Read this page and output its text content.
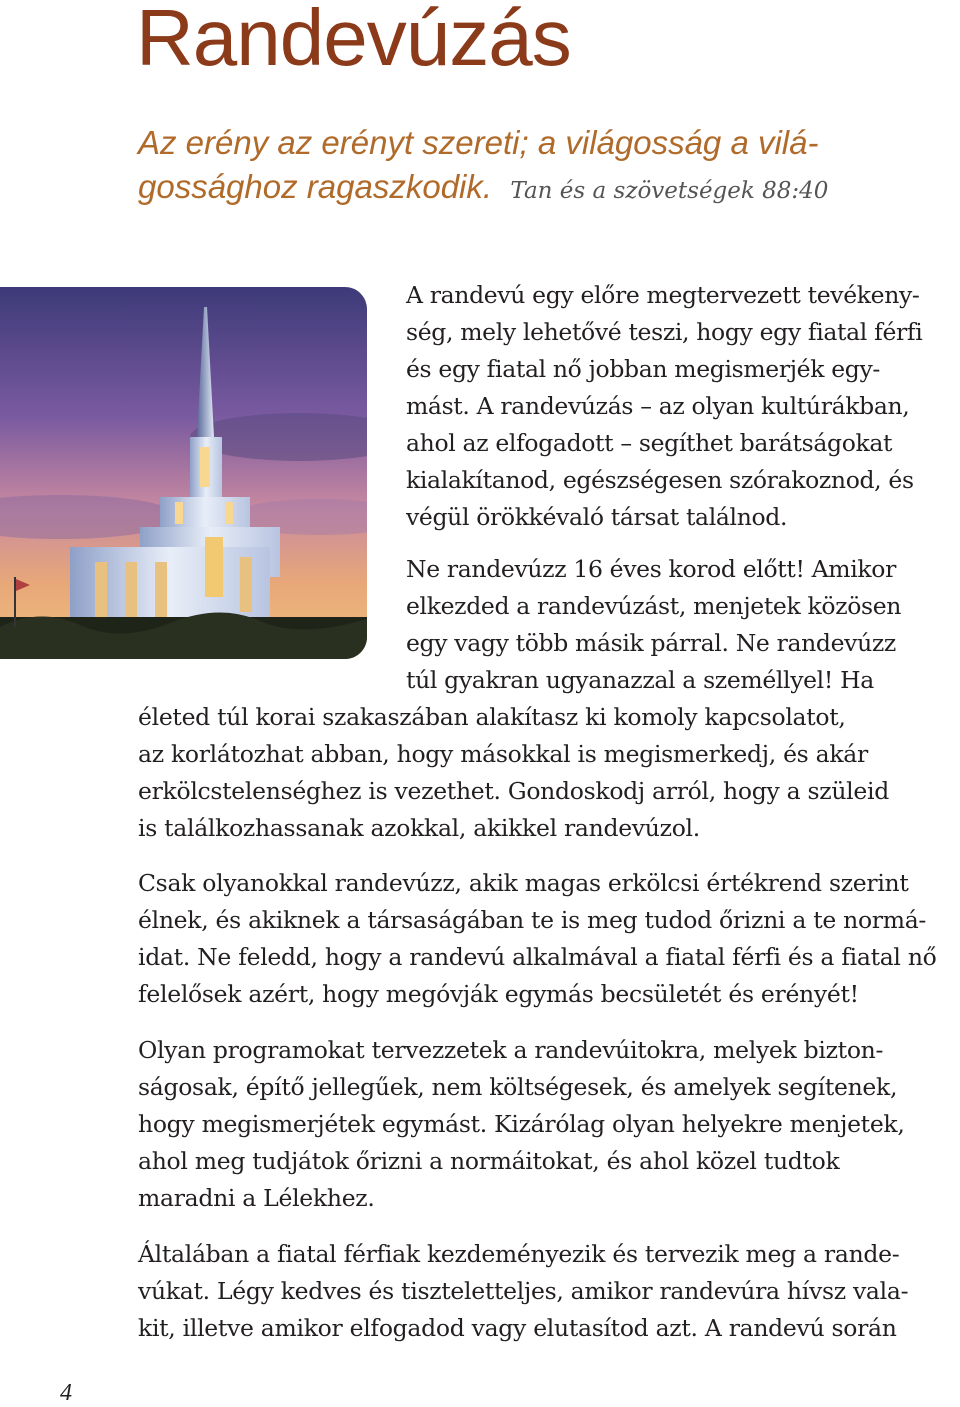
Randevúzás

Az erény az erényt szereti; a világosság a vilá-
gossághoz ragaszkodik. Tan és a szövetségek 88:40

A randevú egy előre megtervezett tevékeny-
ség, mely lehetővé teszi, hogy egy fiatal férfi
és egy fiatal nő jobban megismerjék egy-
mást. A randevúzás – az olyan kultúrákban,
ahol az elfogadott – segíthet barátságokat
kialakítanod, egészségesen szórakoznod, és
végül örökkévaló társat találnod.

Ne randevúzz 16 éves korod előtt! Amikor
elkezded a randevúzást, menjetek közösen
egy vagy több másik párral. Ne randevúzz
túl gyakran ugyanazzal a személlyel! Ha

életed túl korai szakaszában alakítasz ki komoly kapcsolatot,
az korlátozhat abban, hogy másokkal is megismerkedj, és akár
erkölcstelenséghez is vezethet. Gondoskodj arról, hogy a szüleid
is találkozhassanak azokkal, akikkel randevúzol.

Csak olyanokkal randevúzz, akik magas erkölcsi értékrend szerint
élnek, és akiknek a társaságában te is meg tudod őrizni a te normá-
idat. Ne feledd, hogy a randevú alkalmával a fiatal férfi és a fiatal nő
felelősek azért, hogy megóvják egymás becsületét és erényét!

Olyan programokat tervezzetek a randevúitokra, melyek bizton-
ságosak, építő jellegűek, nem költségesek, és amelyek segítenek,
hogy megismerjétek egymást. Kizárólag olyan helyekre menjetek,
ahol meg tudjátok őrizni a normáitokat, és ahol közel tudtok
maradni a Lélekhez.

Általában a fiatal férfiak kezdeményezik és tervezik meg a rande-
vúkat. Légy kedves és tiszteletteljes, amikor randevúra hívsz vala-
kit, illetve amikor elfogadod vagy elutasítod azt. A randevú során

4
